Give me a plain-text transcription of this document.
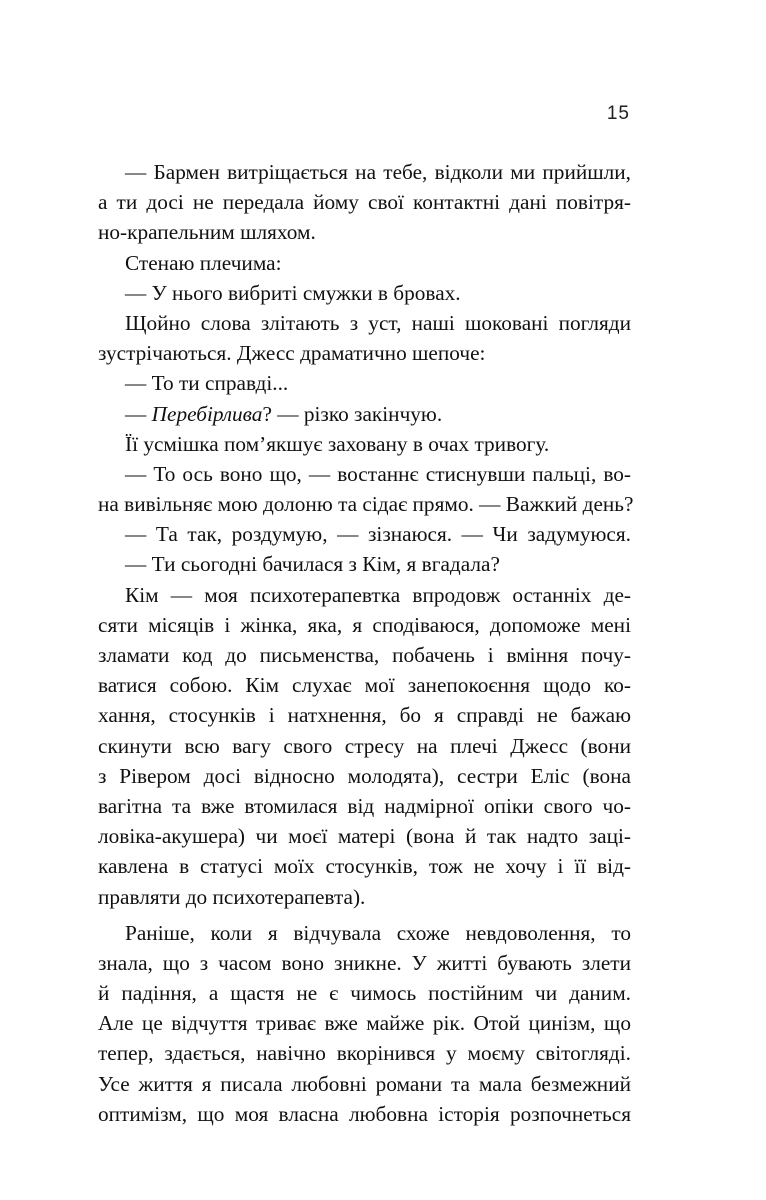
15
— Бармен витріщається на тебе, відколи ми прийшли,
а ти досі не передала йому свої контактні дані повітря-
но-крапельним шляхом.
Стенаю плечима:
— У нього вибриті смужки в бровах.
Щойно слова злітають з уст, наші шоковані погляди
зустрічаються. Джесс драматично шепоче:
— То ти справді...
— Перебірлива? — різко закінчую.
Її усмішка пом’якшує заховану в очах тривогу.
— То ось воно що, — востаннє стиснувши пальці, во-
на вивільняє мою долоню та сідає прямо. — Важкий день?
— Та так, роздумую, — зізнаюся. — Чи задумуюся.
— Ти сьогодні бачилася з Кім, я вгадала?
Кім — моя психотерапевтка впродовж останніх де-
сяти місяців і жінка, яка, я сподіваюся, допоможе мені
зламати код до письменства, побачень і вміння почу-
ватися собою. Кім слухає мої занепокоєння щодо ко-
хання, стосунків і натхнення, бо я справді не бажаю
скинути всю вагу свого стресу на плечі Джесс (вони
з Рівером досі відносно молодята), сестри Еліс (вона
вагітна та вже втомилася від надмірної опіки свого чо-
ловіка-акушера) чи моєї матері (вона й так надто заці-
кавлена в статусі моїх стосунків, тож не хочу і її від-
правляти до психотерапевта).
Раніше, коли я відчувала схоже невдоволення, то
знала, що з часом воно зникне. У житті бувають злети
й падіння, а щастя не є чимось постійним чи даним.
Але це відчуття триває вже майже рік. Отой цинізм, що
тепер, здається, навічно вкорінився у моєму світогляді.
Усе життя я писала любовні романи та мала безмежний
оптимізм, що моя власна любовна історія розпочнеться
